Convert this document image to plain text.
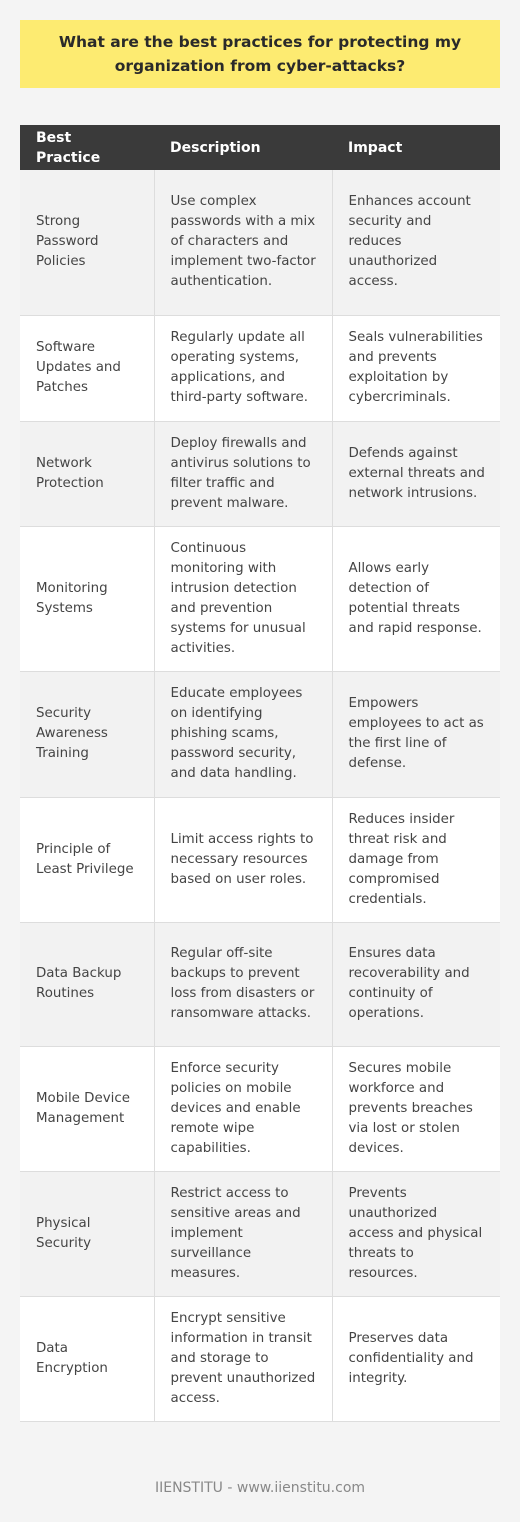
What are the best practices for protecting my organization from cyber-attacks?
Best Practice	Description	Impact
Strong Password Policies	Use complex passwords with a mix of characters and implement two-factor authentication.	Enhances account security and reduces unauthorized access.
Software Updates and Patches	Regularly update all operating systems, applications, and third-party software.	Seals vulnerabilities and prevents exploitation by cybercriminals.
Network Protection	Deploy firewalls and antivirus solutions to filter traffic and prevent malware.	Defends against external threats and network intrusions.
Monitoring Systems	Continuous monitoring with intrusion detection and prevention systems for unusual activities.	Allows early detection of potential threats and rapid response.
Security Awareness Training	Educate employees on identifying phishing scams, password security, and data handling.	Empowers employees to act as the first line of defense.
Principle of Least Privilege	Limit access rights to necessary resources based on user roles.	Reduces insider threat risk and damage from compromised credentials.
Data Backup Routines	Regular off-site backups to prevent loss from disasters or ransomware attacks.	Ensures data recoverability and continuity of operations.
Mobile Device Management	Enforce security policies on mobile devices and enable remote wipe capabilities.	Secures mobile workforce and prevents breaches via lost or stolen devices.
Physical Security	Restrict access to sensitive areas and implement surveillance measures.	Prevents unauthorized access and physical threats to resources.
Data Encryption	Encrypt sensitive information in transit and storage to prevent unauthorized access.	Preserves data confidentiality and integrity.
IIENSTITU - www.iienstitu.com
